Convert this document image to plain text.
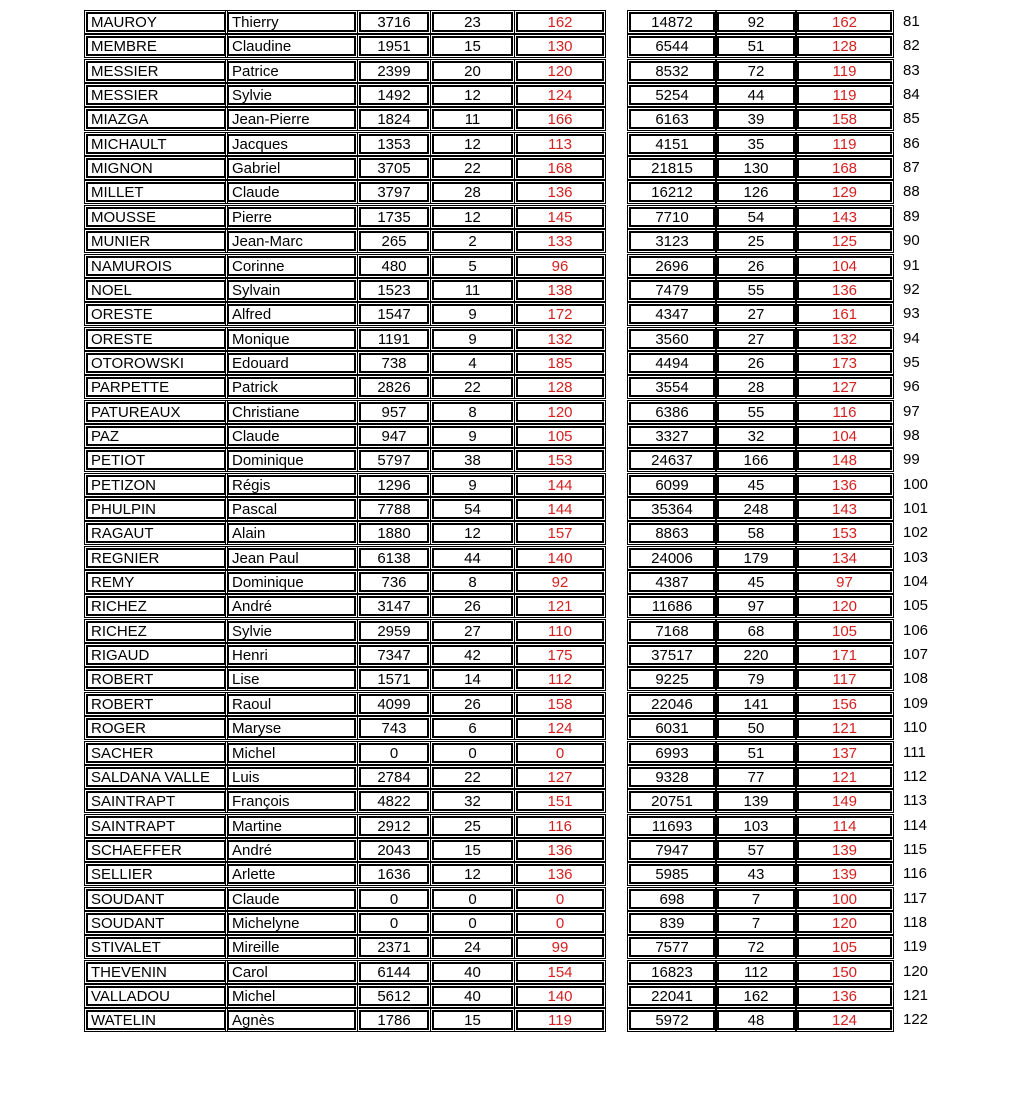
MAUROY	Thierry	3716	23	162	14872	92	162	81
MEMBRE	Claudine	1951	15	130	6544	51	128	82
MESSIER	Patrice	2399	20	120	8532	72	119	83
MESSIER	Sylvie	1492	12	124	5254	44	119	84
MIAZGA	Jean-Pierre	1824	11	166	6163	39	158	85
MICHAULT	Jacques	1353	12	113	4151	35	119	86
MIGNON	Gabriel	3705	22	168	21815	130	168	87
MILLET	Claude	3797	28	136	16212	126	129	88
MOUSSE	Pierre	1735	12	145	7710	54	143	89
MUNIER	Jean-Marc	265	2	133	3123	25	125	90
NAMUROIS	Corinne	480	5	96	2696	26	104	91
NOEL	Sylvain	1523	11	138	7479	55	136	92
ORESTE	Alfred	1547	9	172	4347	27	161	93
ORESTE	Monique	1191	9	132	3560	27	132	94
OTOROWSKI	Edouard	738	4	185	4494	26	173	95
PARPETTE	Patrick	2826	22	128	3554	28	127	96
PATUREAUX	Christiane	957	8	120	6386	55	116	97
PAZ	Claude	947	9	105	3327	32	104	98
PETIOT	Dominique	5797	38	153	24637	166	148	99
PETIZON	Régis	1296	9	144	6099	45	136	100
PHULPIN	Pascal	7788	54	144	35364	248	143	101
RAGAUT	Alain	1880	12	157	8863	58	153	102
REGNIER	Jean Paul	6138	44	140	24006	179	134	103
REMY	Dominique	736	8	92	4387	45	97	104
RICHEZ	André	3147	26	121	11686	97	120	105
RICHEZ	Sylvie	2959	27	110	7168	68	105	106
RIGAUD	Henri	7347	42	175	37517	220	171	107
ROBERT	Lise	1571	14	112	9225	79	117	108
ROBERT	Raoul	4099	26	158	22046	141	156	109
ROGER	Maryse	743	6	124	6031	50	121	110
SACHER	Michel	0	0	0	6993	51	137	111
SALDANA VALLE	Luis	2784	22	127	9328	77	121	112
SAINTRAPT	François	4822	32	151	20751	139	149	113
SAINTRAPT	Martine	2912	25	116	11693	103	114	114
SCHAEFFER	André	2043	15	136	7947	57	139	115
SELLIER	Arlette	1636	12	136	5985	43	139	116
SOUDANT	Claude	0	0	0	698	7	100	117
SOUDANT	Michelyne	0	0	0	839	7	120	118
STIVALET	Mireille	2371	24	99	7577	72	105	119
THEVENIN	Carol	6144	40	154	16823	112	150	120
VALLADOU	Michel	5612	40	140	22041	162	136	121
WATELIN	Agnès	1786	15	119	5972	48	124	122
